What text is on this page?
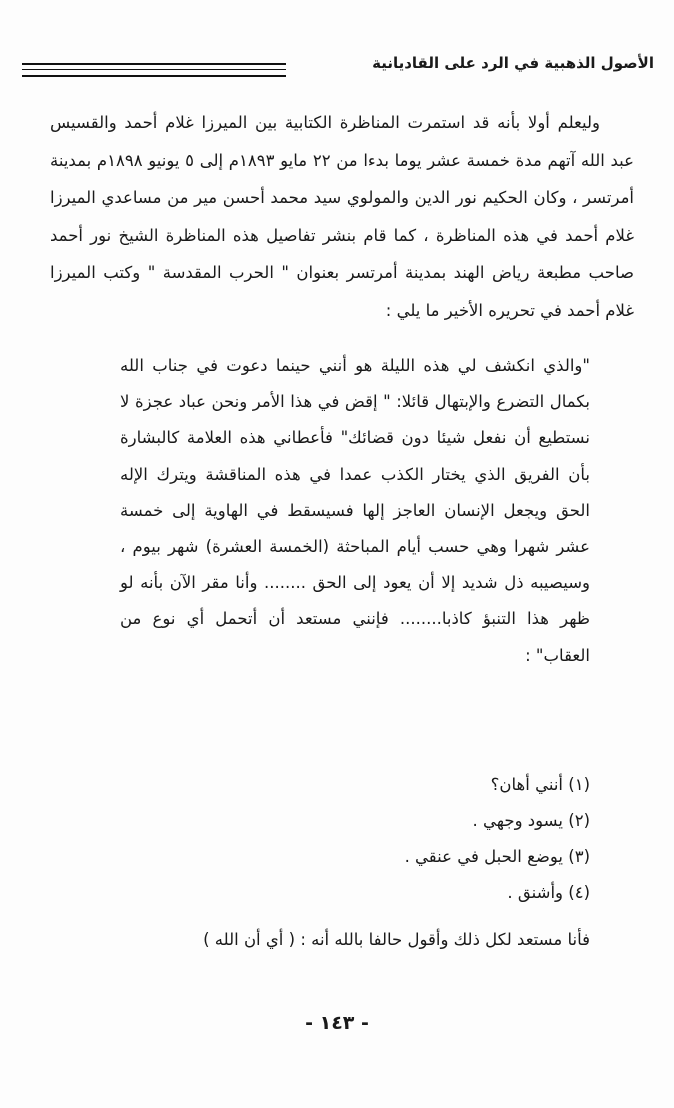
الأصول الذهبية في الرد على القاديانية

وليعلم أولا بأنه قد استمرت المناظرة الكتابية بين الميرزا غلام أحمد والقسيس عبد الله آتهم مدة خمسة عشر يوما بدءا من ٢٢ مايو ١٨٩٣م إلى ٥ يونيو ١٨٩٨م بمدينة أمرتسر ، وكان الحكيم نور الدين والمولوي سيد محمد أحسن مير من مساعدي الميرزا غلام أحمد في هذه المناظرة ، كما قام بنشر تفاصيل هذه المناظرة الشيخ نور أحمد صاحب مطبعة رياض الهند بمدينة أمرتسر بعنوان " الحرب المقدسة " وكتب الميرزا غلام أحمد في تحريره الأخير ما يلي :

"والذي انكشف لي هذه الليلة هو أنني حينما دعوت في جناب الله بكمال التضرع والإبتهال قائلا: " إقض في هذا الأمر ونحن عباد عجزة لا نستطيع أن نفعل شيئا دون قضائك" فأعطاني هذه العلامة كالبشارة بأن الفريق الذي يختار الكذب عمدا في هذه المناقشة ويترك الإله الحق ويجعل الإنسان العاجز إلها فسيسقط في الهاوية إلى خمسة عشر شهرا وهي حسب أيام المباحثة (الخمسة العشرة) شهر بيوم ، وسيصيبه ذل شديد إلا أن يعود إلى الحق ........ وأنا مقر الآن بأنه لو ظهر هذا التنبؤ كاذبا........ فإنني مستعد أن أتحمل أي نوع من العقاب" :

(١) أنني أهان؟
(٢) يسود وجهي .
(٣) يوضع الحبل في عنقي .
(٤) وأشنق .
فأنا مستعد لكل ذلك وأقول حالفا بالله أنه : ( أي أن الله )
- ١٤٣ -
